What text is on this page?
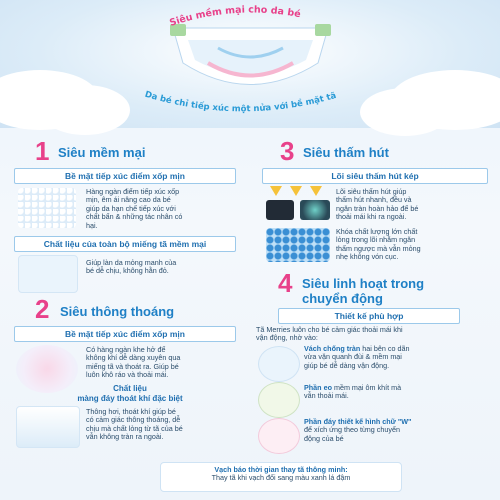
Siêu mềm mại cho da bé
Da bé chỉ tiếp xúc một nửa với bề mặt tã
1 Siêu mềm mại
Bề mặt tiếp xúc điểm xốp mịn
Hàng ngàn điểm tiếp xúc xốp
mịn, êm ái nâng cao da bé
giúp da hạn chế tiếp xúc với
chất bẩn & những tác nhân có
hại.
Chất liệu của toàn bộ miếng tã mềm mại
Giúp làn da mỏng manh của
bé dễ chịu, không hằn đỏ.
2 Siêu thông thoáng
Bề mặt tiếp xúc điểm xốp mịn
Có hàng ngàn khe hở để
không khí dễ dàng xuyên qua
miếng tã và thoát ra. Giúp bé
luôn khô ráo và thoải mái.
Chất liệu
màng đáy thoát khí đặc biệt
Thông hơi, thoát khí giúp bé
có cảm giác thông thoáng, dễ
chịu mà chất lỏng từ tã của bé
vẫn không tràn ra ngoài.
3 Siêu thấm hút
Lõi siêu thấm hút kép
Lõi siêu thấm hút giúp
thấm hút nhanh, đều và
ngăn tràn hoàn hảo để bé
thoải mái khi ra ngoài.
Khóa chất lượng lớn chất
lỏng trong lõi nhằm ngăn
thấm ngược mà vẫn mỏng
nhẹ không vón cục.
4 Siêu linh hoạt trong
chuyển động
Thiết kế phù hợp
Tã Merries luôn cho bé cảm giác thoải mái khi
vận động, nhờ vào:
Vách chống tràn hai bên co dãn
vừa vặn quanh đùi & mềm mại
giúp bé dễ dàng vận động.
Phần eo mềm mại ôm khít mà
vẫn thoải mái.
Phần đáy thiết kế hình chữ "W"
để xích ứng theo từng chuyển
động của bé
Vạch báo thời gian thay tã thông minh:
Thay tã khi vạch đổi sang màu xanh lá đậm
